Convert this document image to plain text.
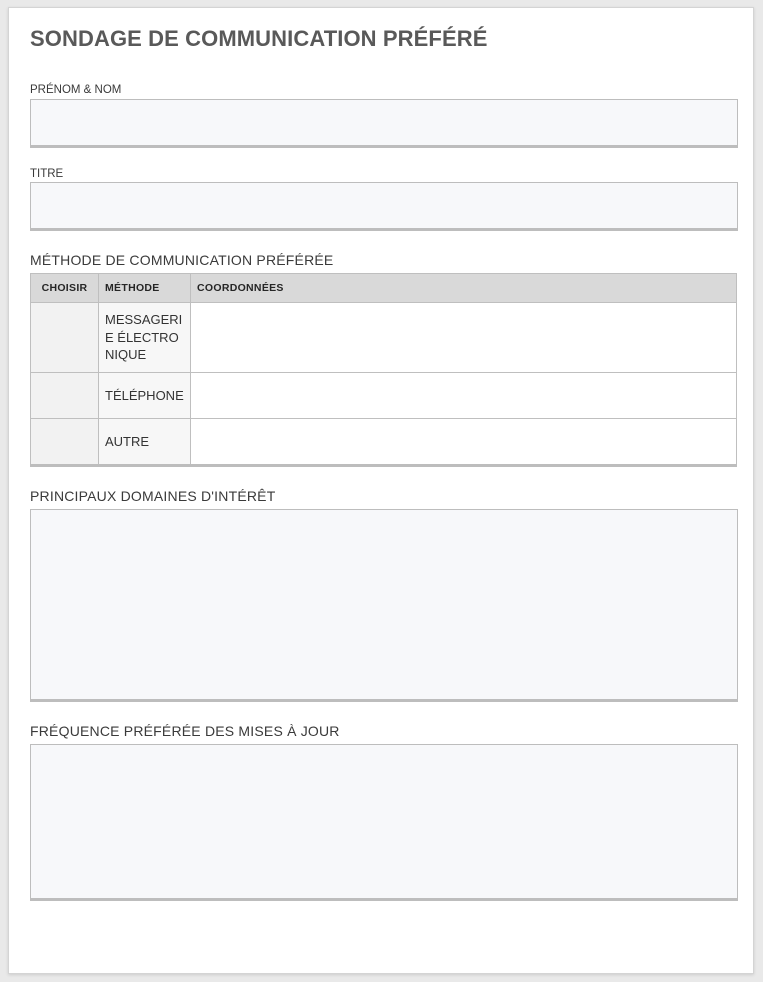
SONDAGE DE COMMUNICATION PRÉFÉRÉ
PRÉNOM & NOM
TITRE
MÉTHODE DE COMMUNICATION PRÉFÉRÉE
CHOISIR	MÉTHODE	COORDONNÉES
	MESSAGERIE ÉLECTRONIQUE	
	TÉLÉPHONE	
	AUTRE	
PRINCIPAUX DOMAINES D'INTÉRÊT
FRÉQUENCE PRÉFÉRÉE DES MISES À JOUR
